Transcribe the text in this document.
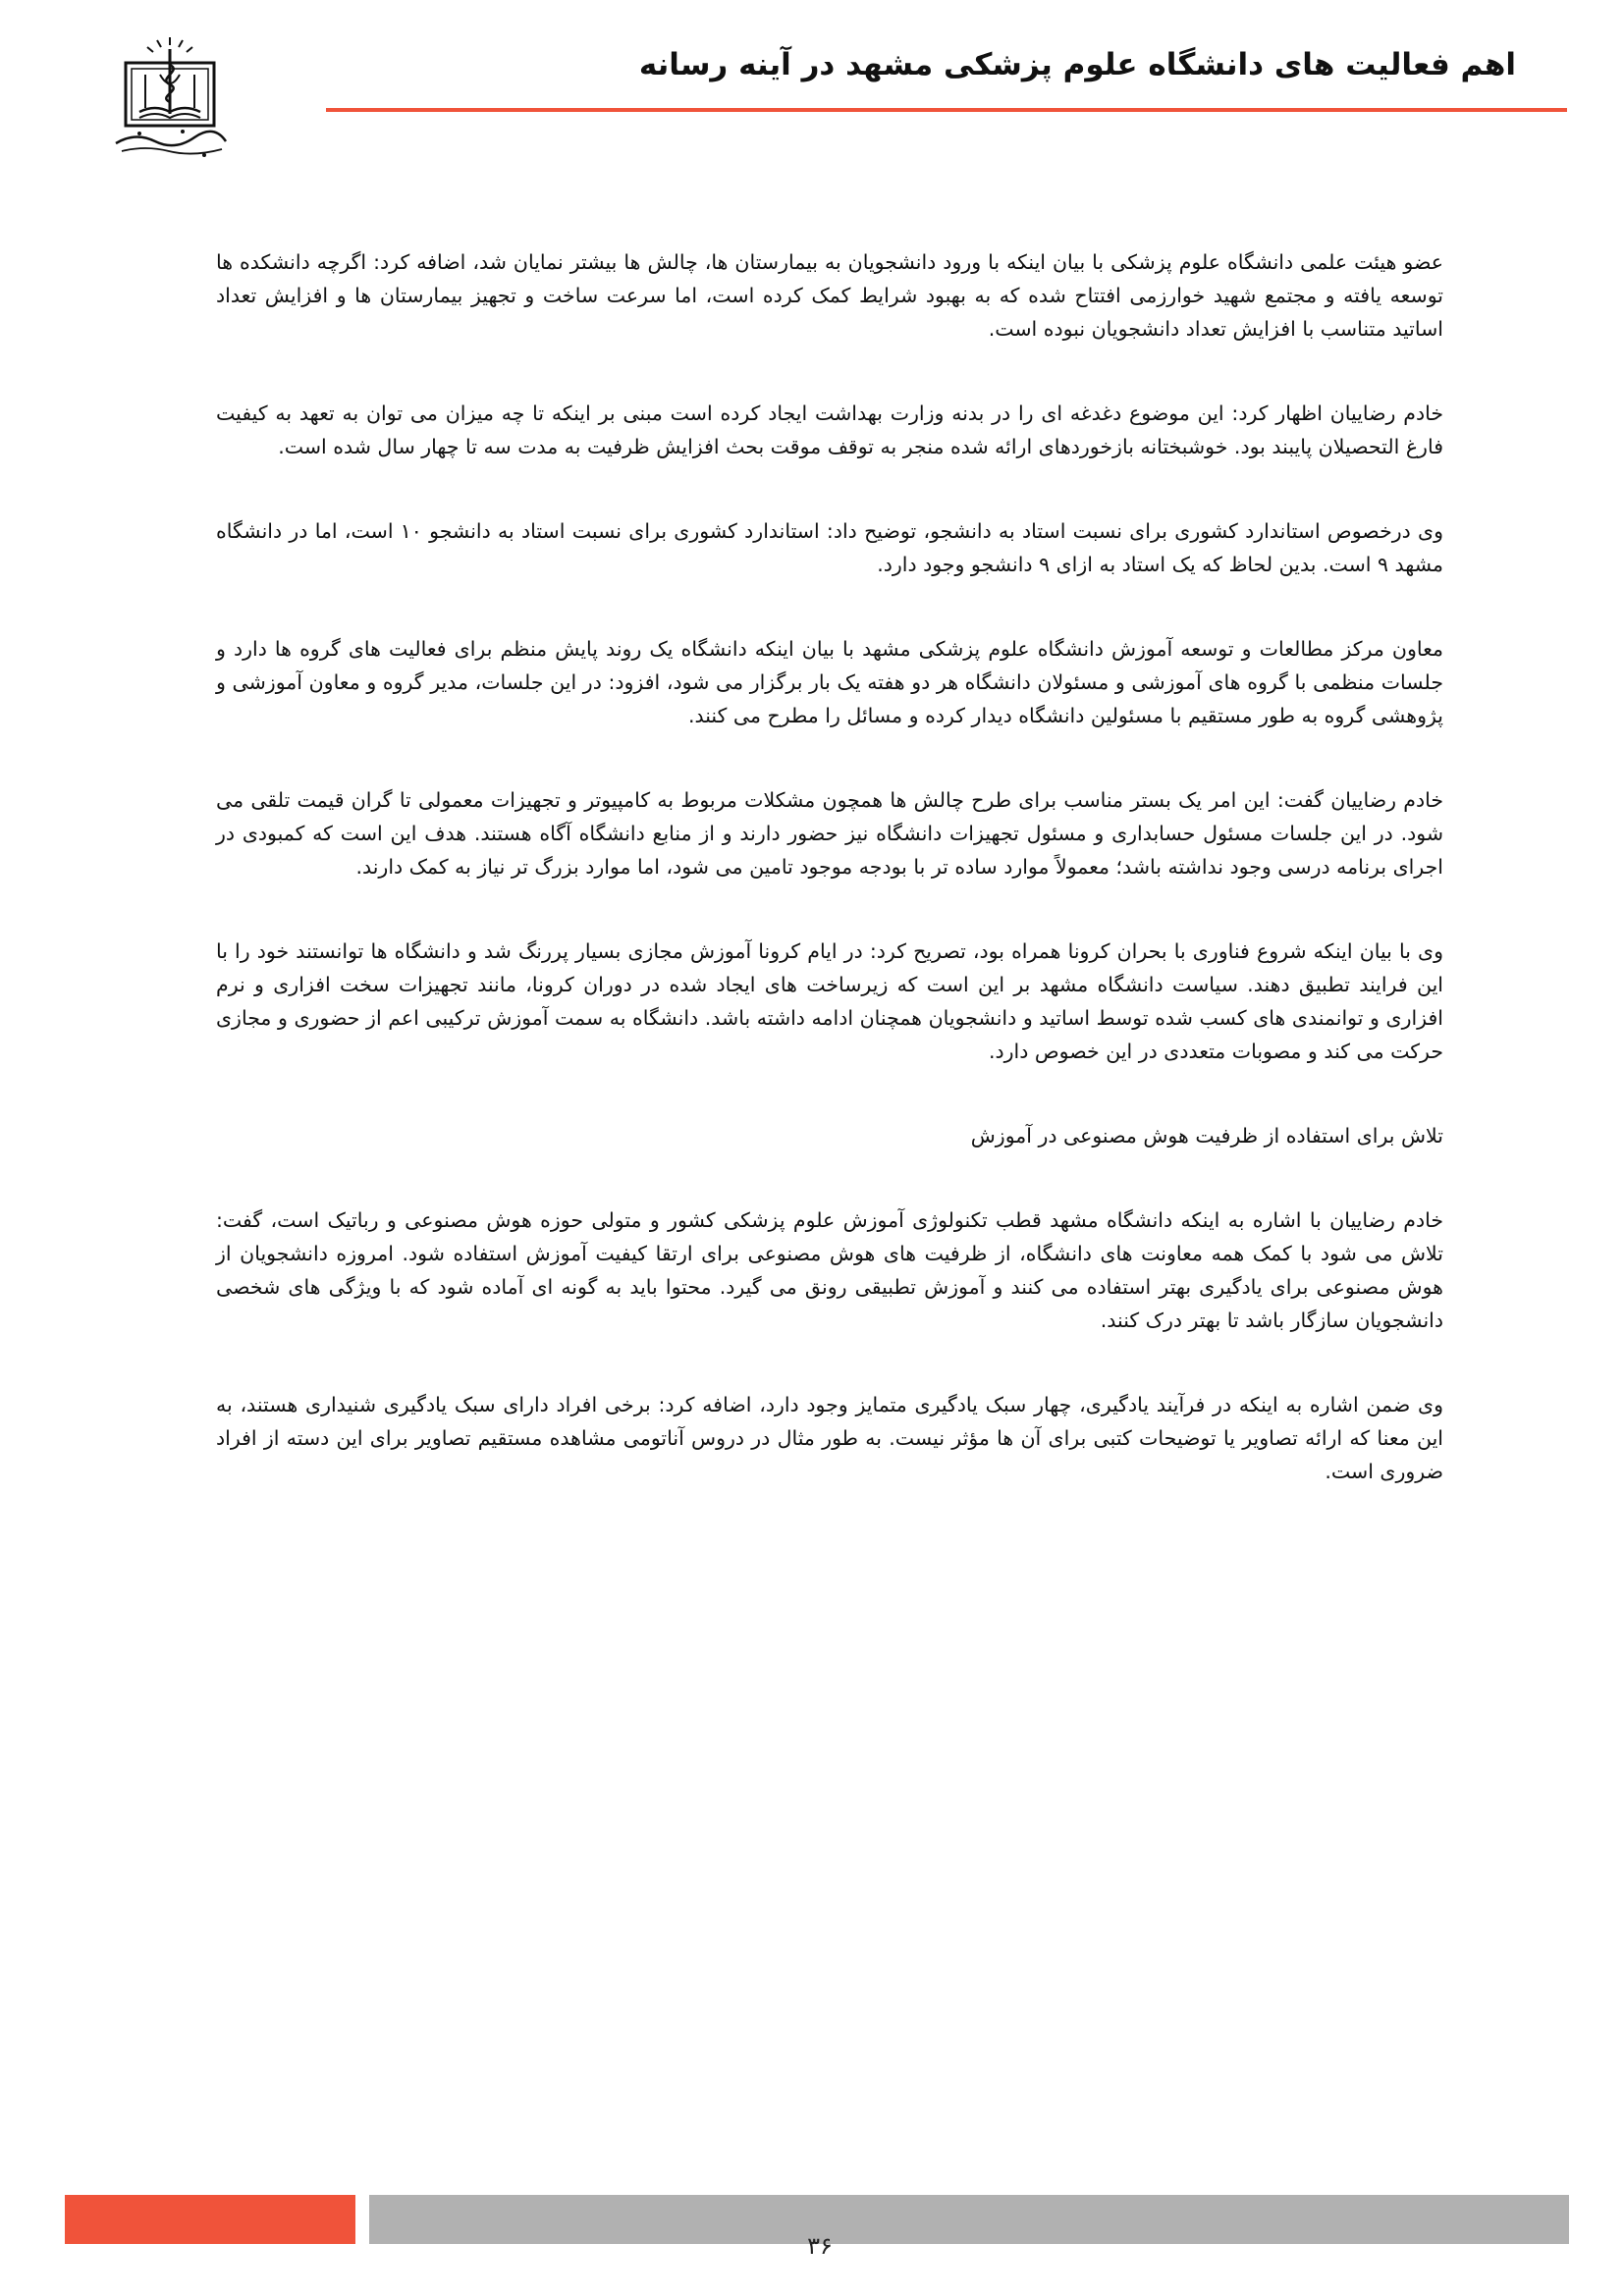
اهم فعالیت های دانشگاه علوم پزشکی مشهد در آینه رسانه

عضو هیئت علمی دانشگاه علوم پزشکی با بیان اینکه با ورود دانشجویان به بیمارستان ها، چالش ها بیشتر نمایان شد، اضافه کرد: اگرچه دانشکده ها توسعه یافته و مجتمع شهید خوارزمی افتتاح شده که به بهبود شرایط کمک کرده است، اما سرعت ساخت و تجهیز بیمارستان ها و افزایش تعداد اساتید متناسب با افزایش تعداد دانشجویان نبوده است.

خادم رضاییان اظهار کرد: این موضوع دغدغه ای را در بدنه وزارت بهداشت ایجاد کرده است مبنی بر اینکه تا چه میزان می توان به تعهد به کیفیت فارغ التحصیلان پایبند بود. خوشبختانه بازخوردهای ارائه شده منجر به توقف موقت بحث افزایش ظرفیت به مدت سه تا چهار سال شده است.

وی درخصوص استاندارد کشوری برای نسبت استاد به دانشجو، توضیح داد: استاندارد کشوری برای نسبت استاد به دانشجو ۱۰ است، اما در دانشگاه مشهد ۹ است. بدین لحاظ که یک استاد به ازای ۹ دانشجو وجود دارد.

معاون مرکز مطالعات و توسعه آموزش دانشگاه علوم پزشکی مشهد با بیان اینکه دانشگاه یک روند پایش منظم برای فعالیت های گروه ها دارد و جلسات منظمی با گروه های آموزشی و مسئولان دانشگاه هر دو هفته یک بار برگزار می شود، افزود: در این جلسات، مدیر گروه و معاون آموزشی و پژوهشی گروه به طور مستقیم با مسئولین دانشگاه دیدار کرده و مسائل را مطرح می کنند.

خادم رضاییان گفت: این امر یک بستر مناسب برای طرح چالش ها همچون مشکلات مربوط به کامپیوتر و تجهیزات معمولی تا گران قیمت تلقی می شود. در این جلسات مسئول حسابداری و مسئول تجهیزات دانشگاه نیز حضور دارند و از منابع دانشگاه آگاه هستند. هدف این است که کمبودی در اجرای برنامه درسی وجود نداشته باشد؛ معمولاً موارد ساده تر با بودجه موجود تامین می شود، اما موارد بزرگ تر نیاز به کمک دارند.

وی با بیان اینکه شروع فناوری با بحران کرونا همراه بود، تصریح کرد: در ایام کرونا آموزش مجازی بسیار پررنگ شد و دانشگاه ها توانستند خود را با این فرایند تطبیق دهند. سیاست دانشگاه مشهد بر این است که زیرساخت های ایجاد شده در دوران کرونا، مانند تجهیزات سخت افزاری و نرم افزاری و توانمندی های کسب شده توسط اساتید و دانشجویان همچنان ادامه داشته باشد. دانشگاه به سمت آموزش ترکیبی اعم از حضوری و مجازی حرکت می کند و مصوبات متعددی در این خصوص دارد.

تلاش برای استفاده از ظرفیت هوش مصنوعی در آموزش

خادم رضاییان با اشاره به اینکه دانشگاه مشهد قطب تکنولوژی آموزش علوم پزشکی کشور و متولی حوزه هوش مصنوعی و رباتیک است، گفت: تلاش می شود با کمک همه معاونت های دانشگاه، از ظرفیت های هوش مصنوعی برای ارتقا کیفیت آموزش استفاده شود. امروزه دانشجویان از هوش مصنوعی برای یادگیری بهتر استفاده می کنند و آموزش تطبیقی رونق می گیرد. محتوا باید به گونه ای آماده شود که با ویژگی های شخصی دانشجویان سازگار باشد تا بهتر درک کنند.

وی ضمن اشاره به اینکه در فرآیند یادگیری، چهار سبک یادگیری متمایز وجود دارد، اضافه کرد: برخی افراد دارای سبک یادگیری شنیداری هستند، به این معنا که ارائه تصاویر یا توضیحات کتبی برای آن ها مؤثر نیست. به طور مثال در دروس آناتومی مشاهده مستقیم تصاویر برای این دسته از افراد ضروری است.

۳۶
